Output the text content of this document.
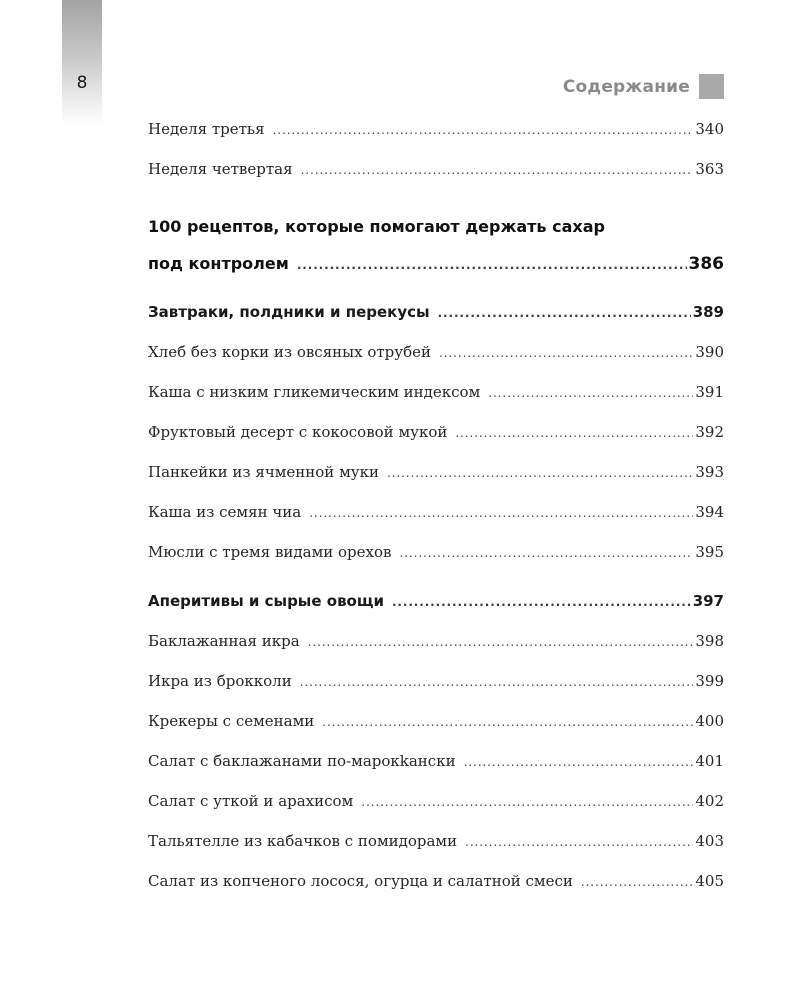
8	Содержание
Неделя третья .....	340
Неделя четвертая .....	363
100 рецептов, которые помогают держать сахар
под контролем .....	386
Завтраки, полдники и перекусы .....	389
Хлеб без корки из овсяных отрубей .....	390
Каша с низким гликемическим индексом .....	391
Фруктовый десерт с кокосовой мукой .....	392
Панкейки из ячменной муки .....	393
Каша из семян чиа .....	394
Мюсли с тремя видами орехов .....	395
Аперитивы и сырые овощи .....	397
Баклажанная икра .....	398
Икра из брокколи .....	399
Крекеры с семенами .....	400
Салат с баклажанами по-марокkански .....	401
Салат с уткой и арахисом .....	402
Тальятелле из кабачков с помидорами .....	403
Салат из копченого лосося, огурца и салатной смеси .....	405
